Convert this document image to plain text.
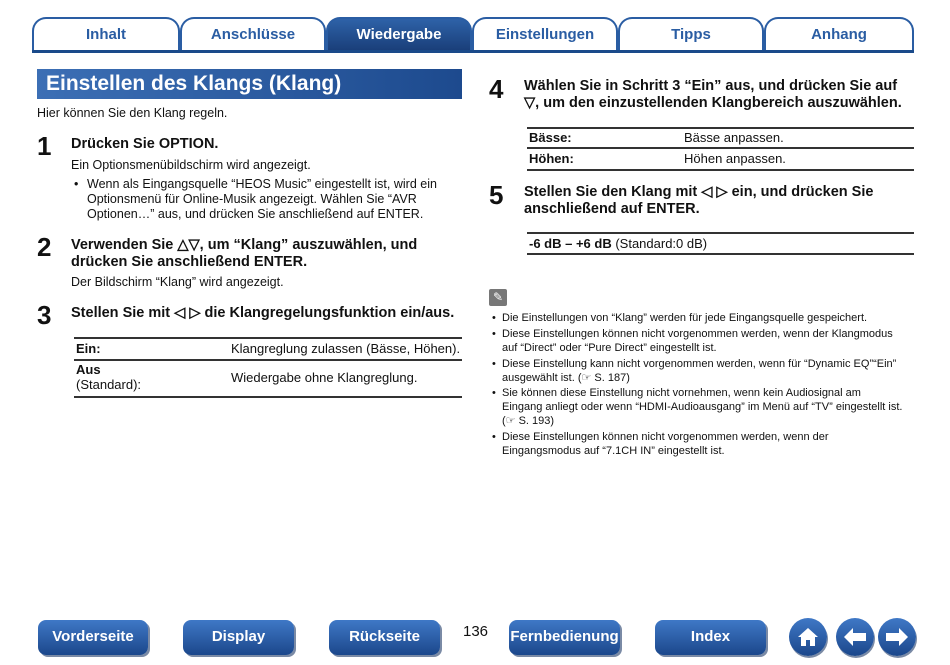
Inhalt	Anschlüsse	Wiedergabe	Einstellungen	Tipps	Anhang
Einstellen des Klangs (Klang)
Hier können Sie den Klang regeln.
1 Drücken Sie OPTION.
Ein Optionsmenübildschirm wird angezeigt.
• Wenn als Eingangsquelle “HEOS Music” eingestellt ist, wird ein
Optionsmenü für Online-Musik angezeigt. Wählen Sie “AVR
Optionen…” aus, und drücken Sie anschließend auf ENTER.
2 Verwenden Sie △▽, um “Klang” auszuwählen, und
drücken Sie anschließend ENTER.
Der Bildschirm “Klang” wird angezeigt.
3 Stellen Sie mit ◁ ▷ die Klangregelungsfunktion ein/aus.
Ein:	Klangreglung zulassen (Bässe, Höhen).
Aus
(Standard):	Wiedergabe ohne Klangreglung.
4 Wählen Sie in Schritt 3 “Ein” aus, und drücken Sie auf
▽, um den einzustellenden Klangbereich auszuwählen.
Bässe:	Bässe anpassen.
Höhen:	Höhen anpassen.
5 Stellen Sie den Klang mit ◁ ▷ ein, und drücken Sie
anschließend auf ENTER.
-6 dB – +6 dB (Standard:0 dB)
✎
• Die Einstellungen von “Klang” werden für jede Eingangsquelle gespeichert.
• Diese Einstellungen können nicht vorgenommen werden, wenn der Klangmodus
auf “Direct” oder “Pure Direct” eingestellt ist.
• Diese Einstellung kann nicht vorgenommen werden, wenn für “Dynamic EQ”“Ein”
ausgewählt ist. (☞ S. 187)
• Sie können diese Einstellung nicht vornehmen, wenn kein Audiosignal am
Eingang anliegt oder wenn “HDMI-Audioausgang” im Menü auf “TV” eingestellt ist.
(☞ S. 193)
• Diese Einstellungen können nicht vorgenommen werden, wenn der
Eingangsmodus auf “7.1CH IN” eingestellt ist.
Vorderseite	Display	Rückseite	136 Fernbedienung	Index
